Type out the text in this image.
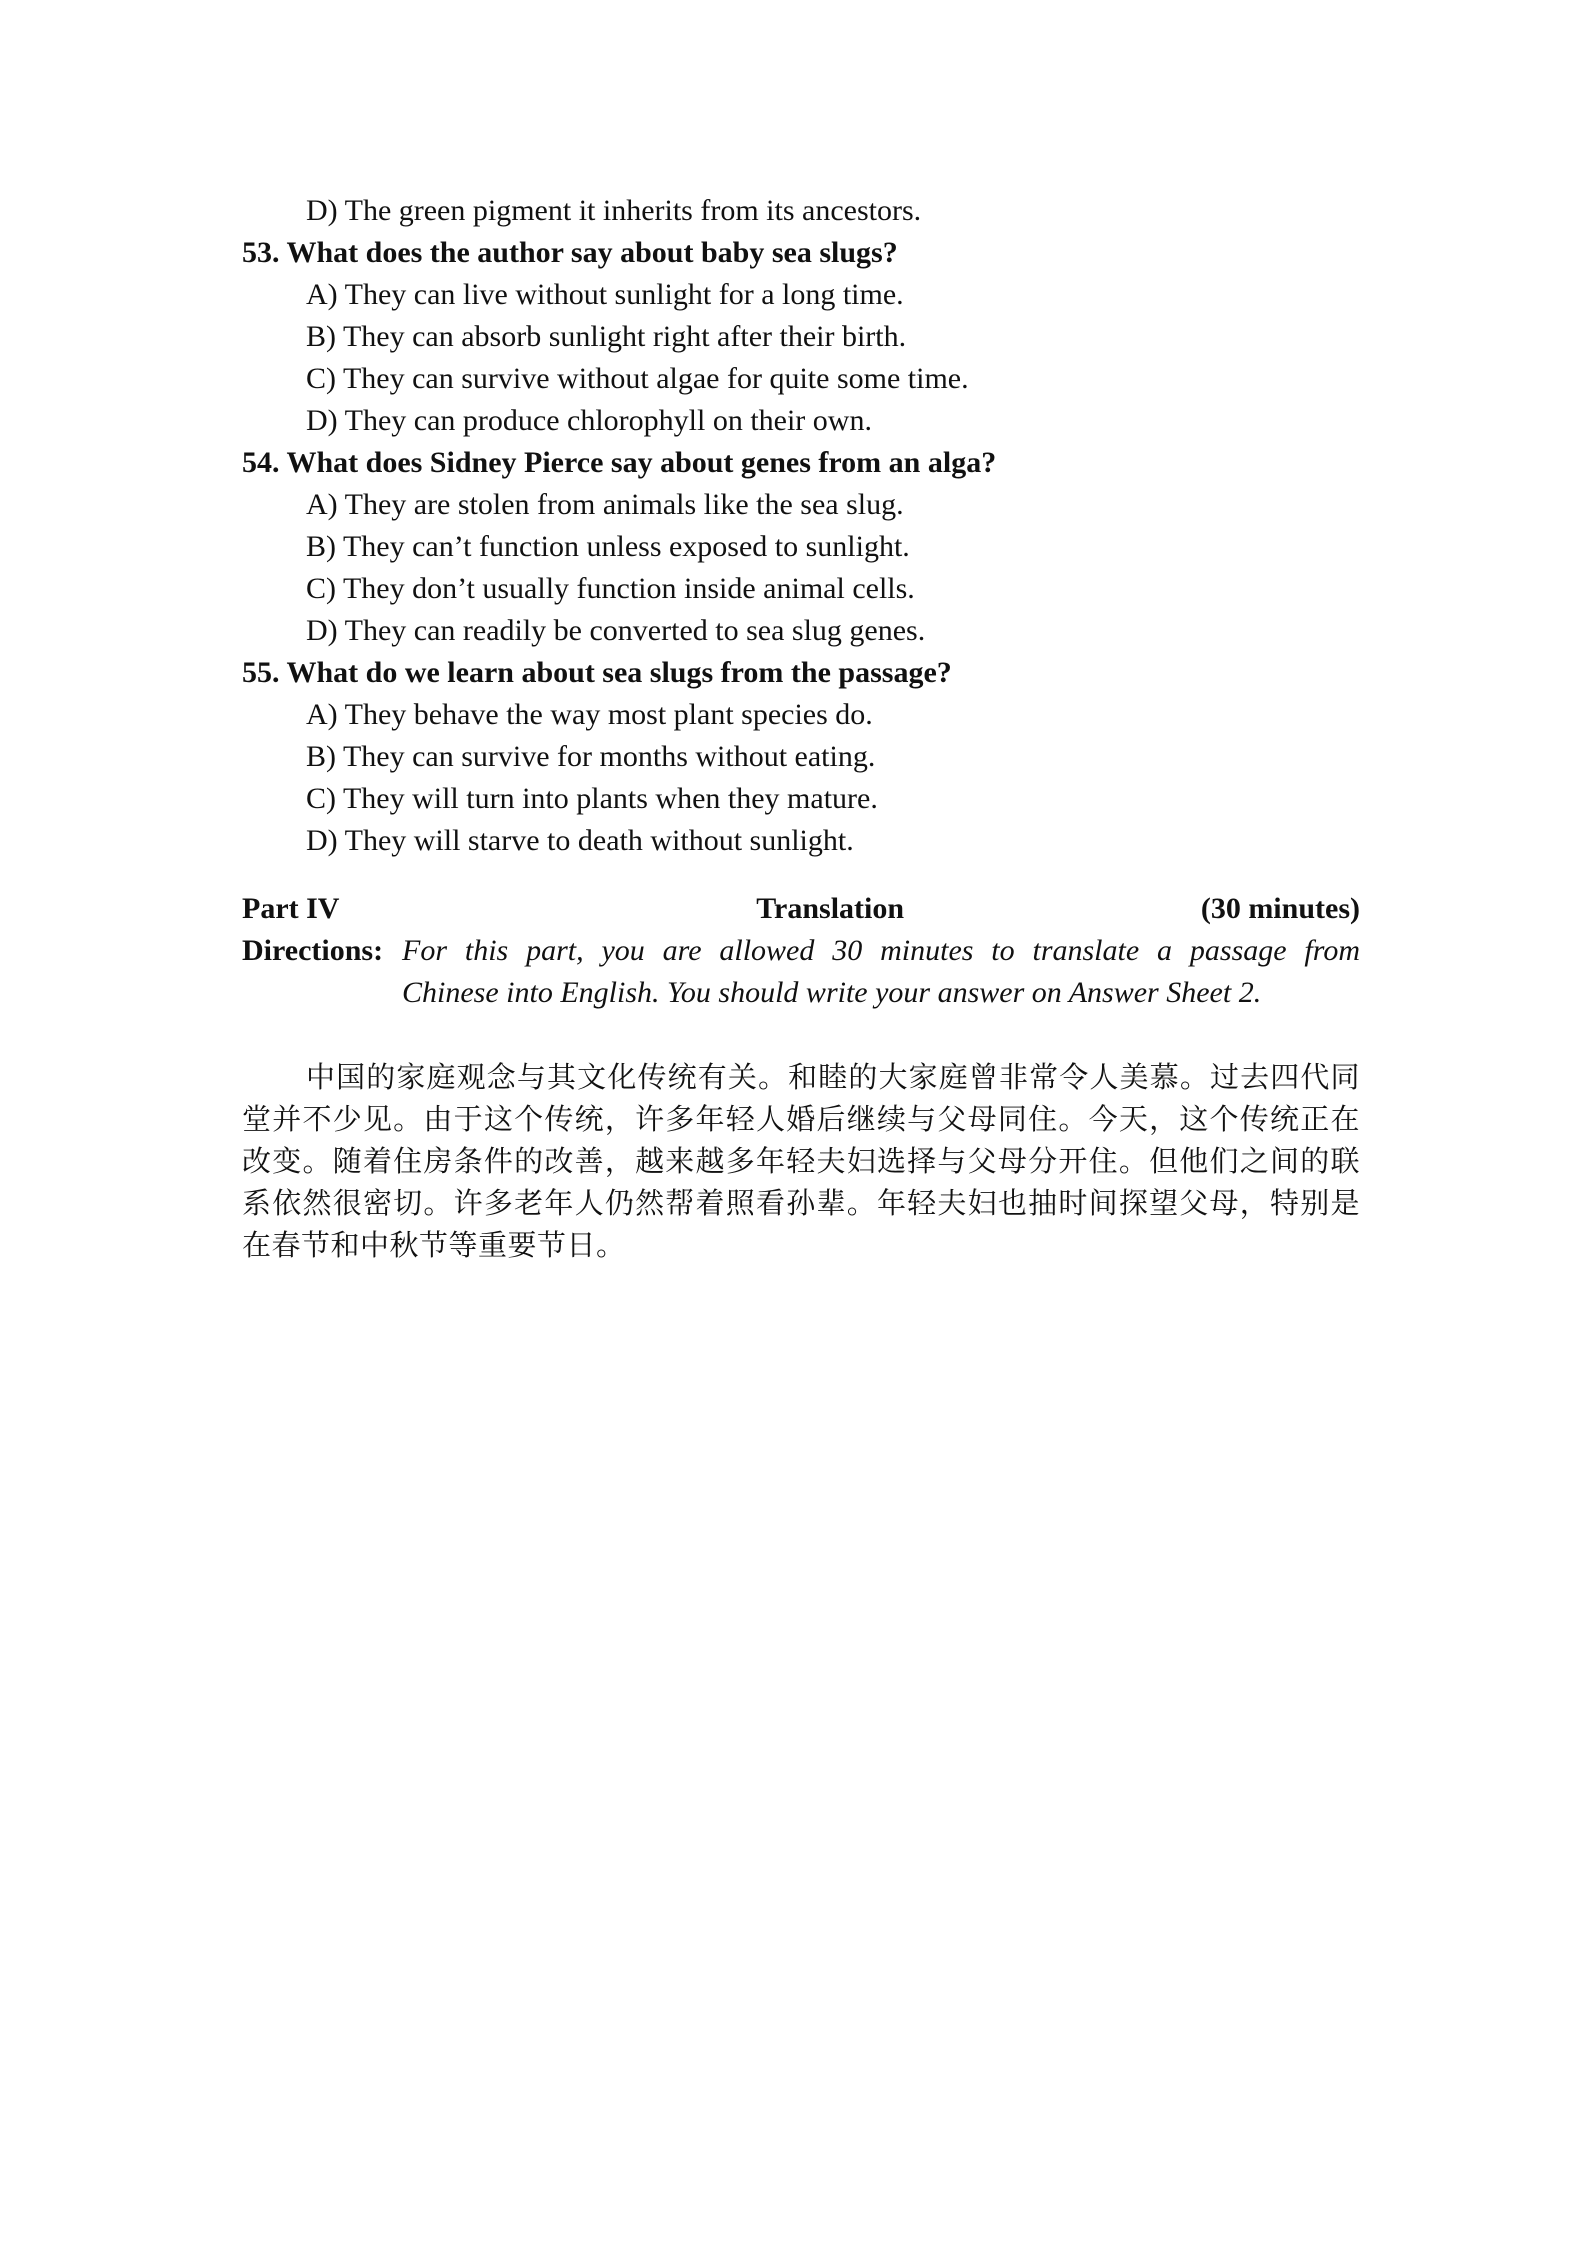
D) The green pigment it inherits from its ancestors.
53. What does the author say about baby sea slugs?
A) They can live without sunlight for a long time.
B) They can absorb sunlight right after their birth.
C) They can survive without algae for quite some time.
D) They can produce chlorophyll on their own.
54. What does Sidney Pierce say about genes from an alga?
A) They are stolen from animals like the sea slug.
B) They can’t function unless exposed to sunlight.
C) They don’t usually function inside animal cells.
D) They can readily be converted to sea slug genes.
55. What do we learn about sea slugs from the passage?
A) They behave the way most plant species do.
B) They can survive for months without eating.
C) They will turn into plants when they mature.
D) They will starve to death without sunlight.
Part IV	Translation	(30 minutes)
Directions: For this part, you are allowed 30 minutes to translate a passage from
Chinese into English. You should write your answer on Answer Sheet 2.
中国的家庭观念与其文化传统有关。和睦的大家庭曾非常令人美慕。过去四代同堂并不少见。由于这个传统，许多年轻人婚后继续与父母同住。今天，这个传统正在改变。随着住房条件的改善，越来越多年轻夫妇选择与父母分开住。但他们之间的联系依然很密切。许多老年人仍然帮着照看孙辈。年轻夫妇也抽时间探望父母，特别是在春节和中秋节等重要节日。
